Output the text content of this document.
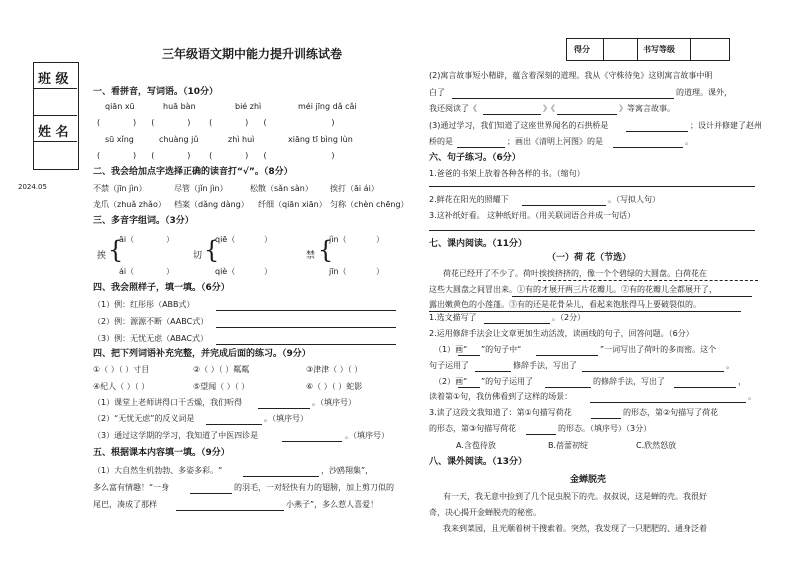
班 级
姓 名
2024.05
三年级语文期中能力提升训练试卷	得分	书写等级
一、看拼音，写词语。（10分）
qiān xū	huā bàn	bié zhì	méi jīng dǎ cǎi
(         )    (         )     (         )    (                  )
sū xǐng	chuàng jǔ	zhì huì	xiāng tī bìng lùn
(         )    (         )     (         )    (                  )
二、我会给加点字选择正确的读音打“√”。（8分）
不禁（jīn jìn）	尽管（jǐn jìn）	松散（sǎn sàn） 挨打（āi ái）
龙爪（zhuǎ zhǎo） 档案（dǎng dàng） 纤细（qiān xiān） 匀称（chèn chēng）
三、多音字组词。（3分）
挨 {
āi（	）
ái（	）
切 {
qiē（	）
qiè（	）
禁 {
jìn（	）
jīn（	）
四、我会照样子，填一填。（6分）
（1）例：红彤彤（ABB式）
（2）例：源源不断（AABC式）
（3）例：无忧无虑（ABAC式）
四、把下列词语补充完整，并完成后面的练习。（9分）
①（ ）（ ）寸目	②（ ）（ ）粼粼	③津津（ ）（ ）
④杞人（ ）（ ）	⑤望闻（ ）（ ）	⑥（ ）（ ）蛇影
（1）课堂上老师讲得口干舌燥，我们听得	。（填序号）
（2）“无忧无虑”的反义词是	。（填序号）
（3）通过这学期的学习，我知道了中医四诊是	。（填序号）
五、根据课本内容填一填。（9分）
（1）大自然生机勃勃、多姿多彩。“	，沙鸥翔集”，
多么富有情趣！“一身	的羽毛，一对轻快有力的翅膀，加上剪刀似的
尾巴，凑成了那样	小燕子”，多么惹人喜爱！
(2)寓言故事短小精辟，蕴含着深刻的道理。我从《守株待兔》这则寓言故事中明
白了	的道理。课外，
我还阅读了《	》《	》等寓言故事。
(3)通过学习，我们知道了这座世界闻名的石拱桥是	；设计并修建了赵州
桥的是	；画出《清明上河图》的是	。
六、句子练习。（6分）
1.爸爸的书架上放着各种各样的书。（缩句）
2.鲜花在阳光的照耀下	。（写拟人句）
3.这补纸好看。 这种纸好用。（用关联词语合并成一句话）
七、课内阅读。（11分）
（一）荷 花（节选）
荷花已经开了不少了。荷叶挨挨挤挤的，像一个个碧绿的大圆盘。白荷花在
这些大圆盘之间冒出来。①有的才展开两三片花瓣儿。②有的花瓣儿全都展开了，
露出嫩黄色的小莲蓬。③有的还是花骨朵儿，看起来饱胀得马上要破裂似的。
1.选文描写了	。（2分）
2.运用修辞手法会让文章更加生动活泼，读画线的句子，回答问题。（6分）
（1）画“ ”的句子中“	”一词写出了荷叶的多而密。这个
句子运用了	修辞手法，写出了	。
（2）画“ ”的句子运用了	的修辞手法，写出了	，
读着第①句，我仿佛看到了这样的场景：	。
3.读了这段文我知道了：第①句描写荷花	的形态，第②句描写了荷花
的形态，第③句描写荷花	的形态。（填序号）（3分）
A.含苞待放	B.蓓蕾初绽	C.欣然怒放
八、课外阅读。（13分）
金蝉脱壳
有一天，我无意中捡到了几个昆虫脱下的壳。叔叔说，这是蝉的壳。我很好
奇，决心揭开金蝉脱壳的秘密。
我来到菜园，且光顺着树干搜索着。突然，我发现了一只肥肥的、通身泛着
